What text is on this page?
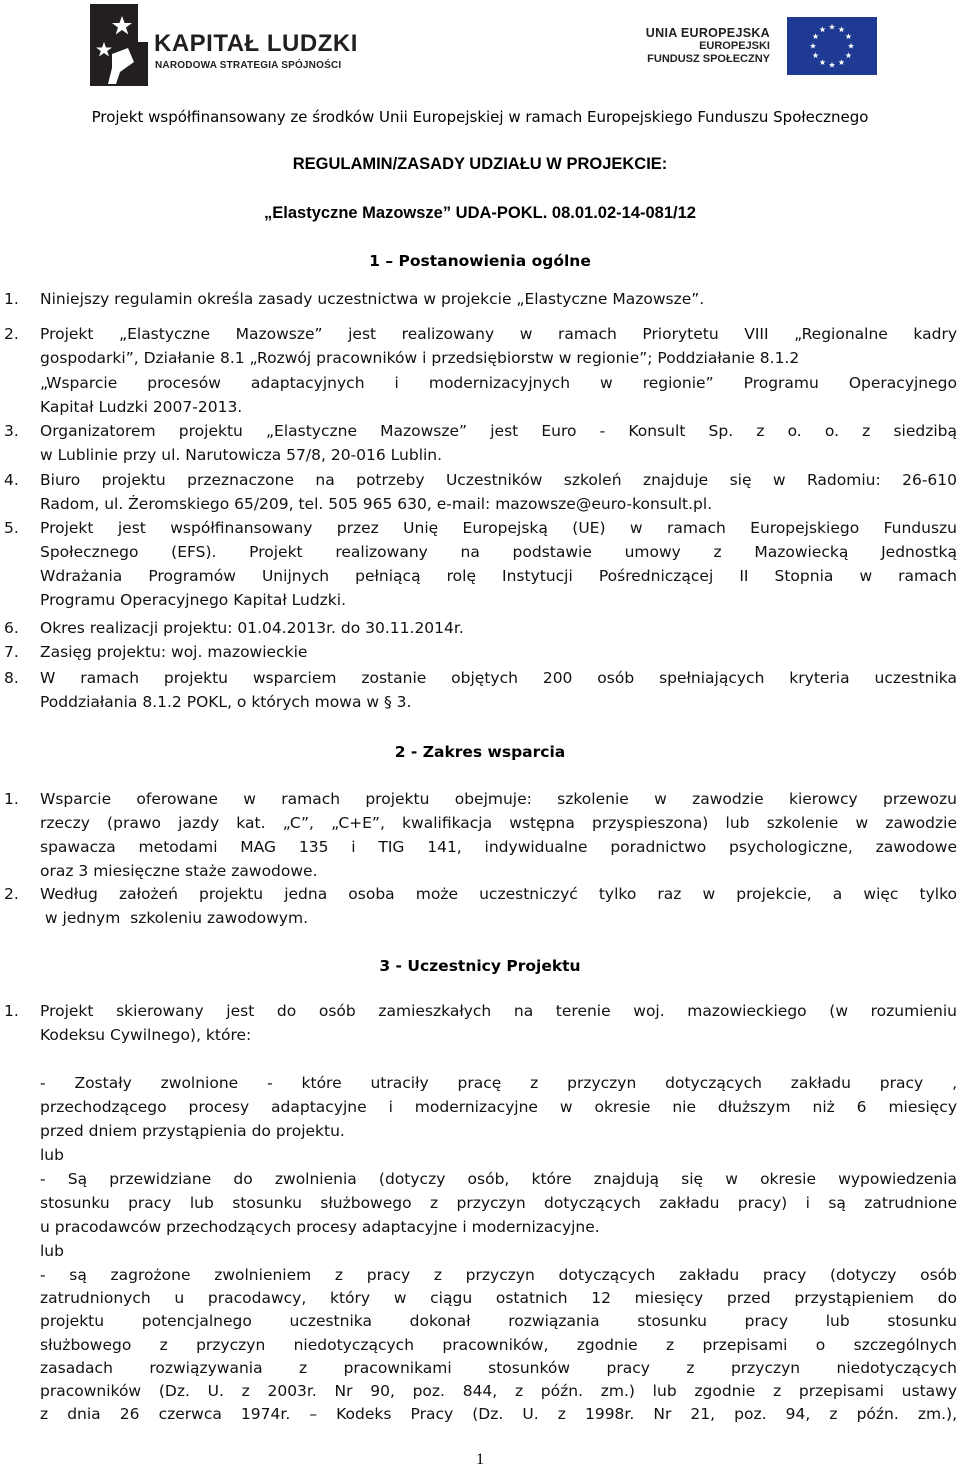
KAPITAŁ LUDZKI
NARODOWA STRATEGIA SPÓJNOŚCI
UNIA EUROPEJSKA
EUROPEJSKI
FUNDUSZ SPOŁECZNY
Projekt współfinansowany ze środków Unii Europejskiej w ramach Europejskiego Funduszu Społecznego
REGULAMIN/ZASADY UDZIAŁU W PROJEKCIE:
„Elastyczne Mazowsze” UDA-POKL. 08.01.02-14-081/12
1 – Postanowienia ogólne
2 - Zakres wsparcia
3 - Uczestnicy Projektu
1.
2.
3.
4.
5.
6.
7.
8.
1.
2.
1.
Niniejszy regulamin określa zasady uczestnictwa w projekcie „Elastyczne Mazowsze”.
Projekt „Elastyczne Mazowsze” jest realizowany w ramach Priorytetu VIII „Regionalne kadry
gospodarki”, Działanie 8.1 „Rozwój pracowników i przedsiębiorstw w regionie”; Poddziałanie 8.1.2
„Wsparcie procesów adaptacyjnych i modernizacyjnych w regionie” Programu Operacyjnego
Kapitał Ludzki 2007-2013.
Organizatorem projektu „Elastyczne Mazowsze” jest Euro - Konsult Sp. z o. o. z siedzibą
w Lublinie przy ul. Narutowicza 57/8, 20-016 Lublin.
Biuro projektu przeznaczone na potrzeby Uczestników szkoleń znajduje się w Radomiu: 26-610
Radom, ul. Żeromskiego 65/209, tel. 505 965 630, e-mail: mazowsze@euro-konsult.pl.
Projekt jest współfinansowany przez Unię Europejską (UE) w ramach Europejskiego Funduszu
Społecznego (EFS). Projekt realizowany na podstawie umowy z Mazowiecką Jednostką
Wdrażania Programów Unijnych pełniącą rolę Instytucji Pośredniczącej II Stopnia w ramach
Programu Operacyjnego Kapitał Ludzki.
Okres realizacji projektu: 01.04.2013r. do 30.11.2014r.
Zasięg projektu: woj. mazowieckie
W ramach projektu wsparciem zostanie objętych 200 osób spełniających kryteria uczestnika
Poddziałania 8.1.2 POKL, o których mowa w § 3.
Wsparcie oferowane w ramach projektu obejmuje: szkolenie w zawodzie kierowcy przewozu
rzeczy (prawo jazdy kat. „C”, „C+E”, kwalifikacja wstępna przyspieszona) lub szkolenie w zawodzie
spawacza metodami MAG 135 i TIG 141, indywidualne poradnictwo psychologiczne, zawodowe
oraz 3 miesięczne staże zawodowe.
Według założeń projektu jedna osoba może uczestniczyć tylko raz w projekcie, a więc tylko
w jednym  szkoleniu zawodowym.
Projekt skierowany jest do osób zamieszkałych na terenie woj. mazowieckiego (w rozumieniu
Kodeksu Cywilnego), które:
- Zostały zwolnione - które utraciły pracę z przyczyn dotyczących zakładu pracy ,
przechodzącego procesy adaptacyjne i modernizacyjne w okresie nie dłuższym niż 6 miesięcy
przed dniem przystąpienia do projektu.
lub
- Są przewidziane do zwolnienia (dotyczy osób, które znajdują się w okresie wypowiedzenia
stosunku pracy lub stosunku służbowego z przyczyn dotyczących zakładu pracy) i są zatrudnione
u pracodawców przechodzących procesy adaptacyjne i modernizacyjne.
lub
- są zagrożone zwolnieniem z pracy z przyczyn dotyczących zakładu pracy (dotyczy osób
zatrudnionych u pracodawcy, który w ciągu ostatnich 12 miesięcy przed przystąpieniem do
projektu potencjalnego uczestnika dokonał rozwiązania stosunku pracy lub stosunku
służbowego z przyczyn niedotyczących pracowników, zgodnie z przepisami o szczególnych
zasadach rozwiązywania z pracownikami stosunków pracy z przyczyn niedotyczących
pracowników (Dz. U. z 2003r. Nr 90, poz. 844, z późn. zm.) lub zgodnie z przepisami ustawy
z dnia 26 czerwca 1974r. – Kodeks Pracy (Dz. U. z 1998r. Nr 21, poz. 94, z późn. zm.),
1
